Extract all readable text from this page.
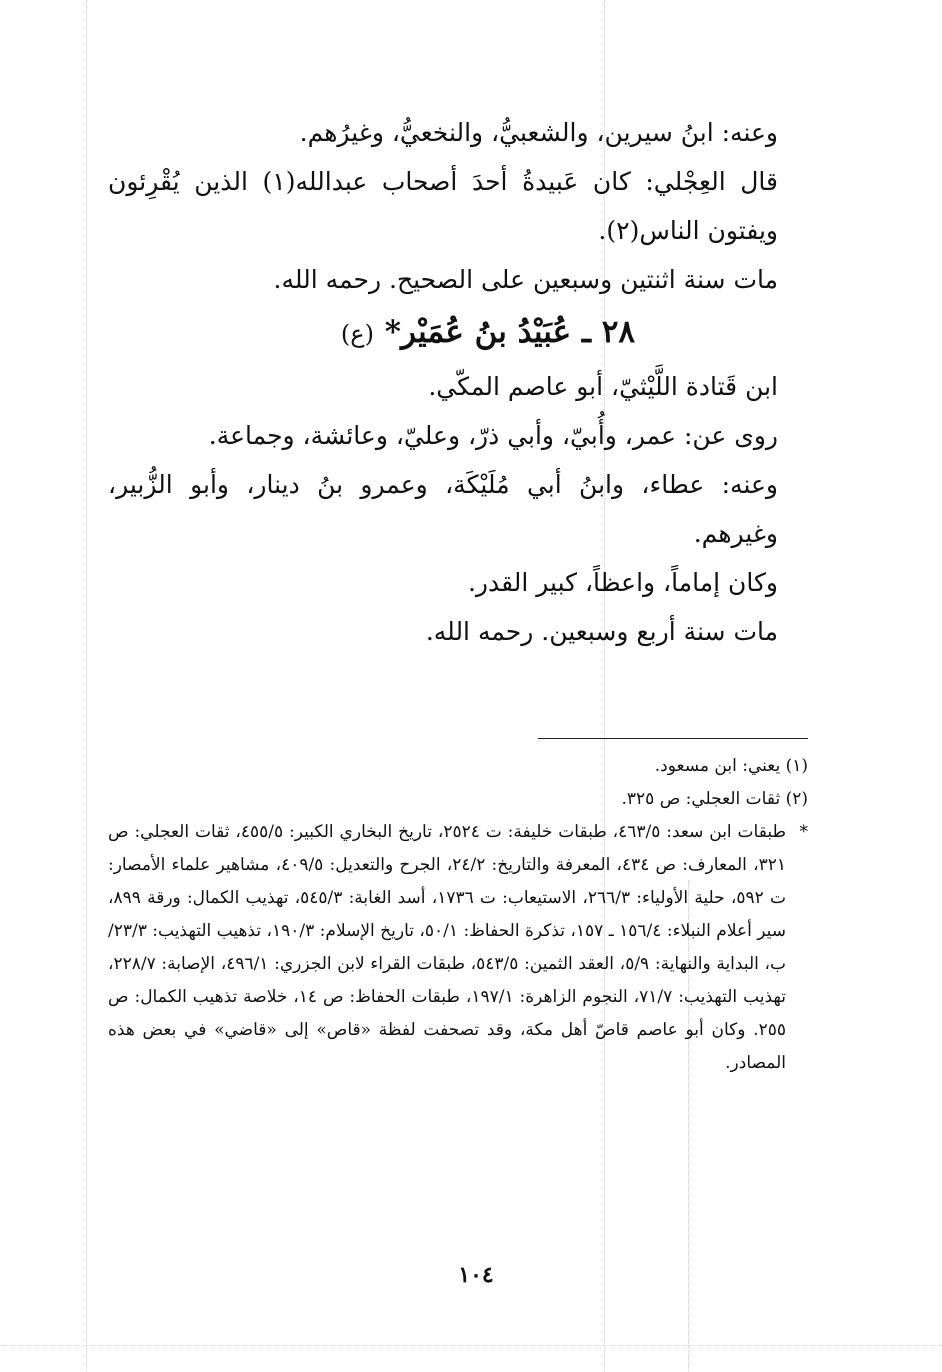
وعنه: ابنُ سيرين، والشعبيُّ، والنخعيُّ، وغيرُهم.

قال العِجْلي: كان عَبيدةُ أحدَ أصحاب عبدالله(١) الذين يُقْرِئون ويفتون الناس(٢).

مات سنة اثنتين وسبعين على الصحيح. رحمه الله.

٢٨ ـ عُبَيْدُ بنُ عُمَيْر* (ع)

ابن قَتادة اللَّيْثيّ، أبو عاصم المكّي.

روى عن: عمر، وأُبيّ، وأبي ذرّ، وعليّ، وعائشة، وجماعة.

وعنه: عطاء، وابنُ أبي مُلَيْكَة، وعمرو بنُ دينار، وأبو الزُّبير، وغيرهم.

وكان إماماً، واعظاً، كبير القدر.

مات سنة أربع وسبعين. رحمه الله.

(١) يعني: ابن مسعود.

(٢) ثقات العجلي: ص ٣٢٥.

*
طبقات ابن سعد: ٤٦٣/٥، طبقات خليفة: ت ٢٥٢٤، تاريخ البخاري الكبير: ٤٥٥/٥، ثقات العجلي: ص ٣٢١، المعارف: ص ٤٣٤، المعرفة والتاريخ: ٢٤/٢، الجرح والتعديل: ٤٠٩/٥، مشاهير علماء الأمصار: ت ٥٩٢، حلية الأولياء: ٢٦٦/٣، الاستيعاب: ت ١٧٣٦، أسد الغابة: ٥٤٥/٣، تهذيب الكمال: ورقة ٨٩٩، سير أعلام النبلاء: ١٥٦/٤ ـ ١٥٧، تذكرة الحفاظ: ٥٠/١، تاريخ الإسلام: ١٩٠/٣، تذهيب التهذيب: ٢٣/٣/ب، البداية والنهاية: ٥/٩، العقد الثمين: ٥٤٣/٥، طبقات القراء لابن الجزري: ٤٩٦/١، الإصابة: ٢٢٨/٧، تهذيب التهذيب: ٧١/٧، النجوم الزاهرة: ١٩٧/١، طبقات الحفاظ: ص ١٤، خلاصة تذهيب الكمال: ص ٢٥٥. وكان أبو عاصم قاصّ أهل مكة، وقد تصحفت لفظة «قاص» إلى «قاضي» في بعض هذه المصادر.

١٠٤
